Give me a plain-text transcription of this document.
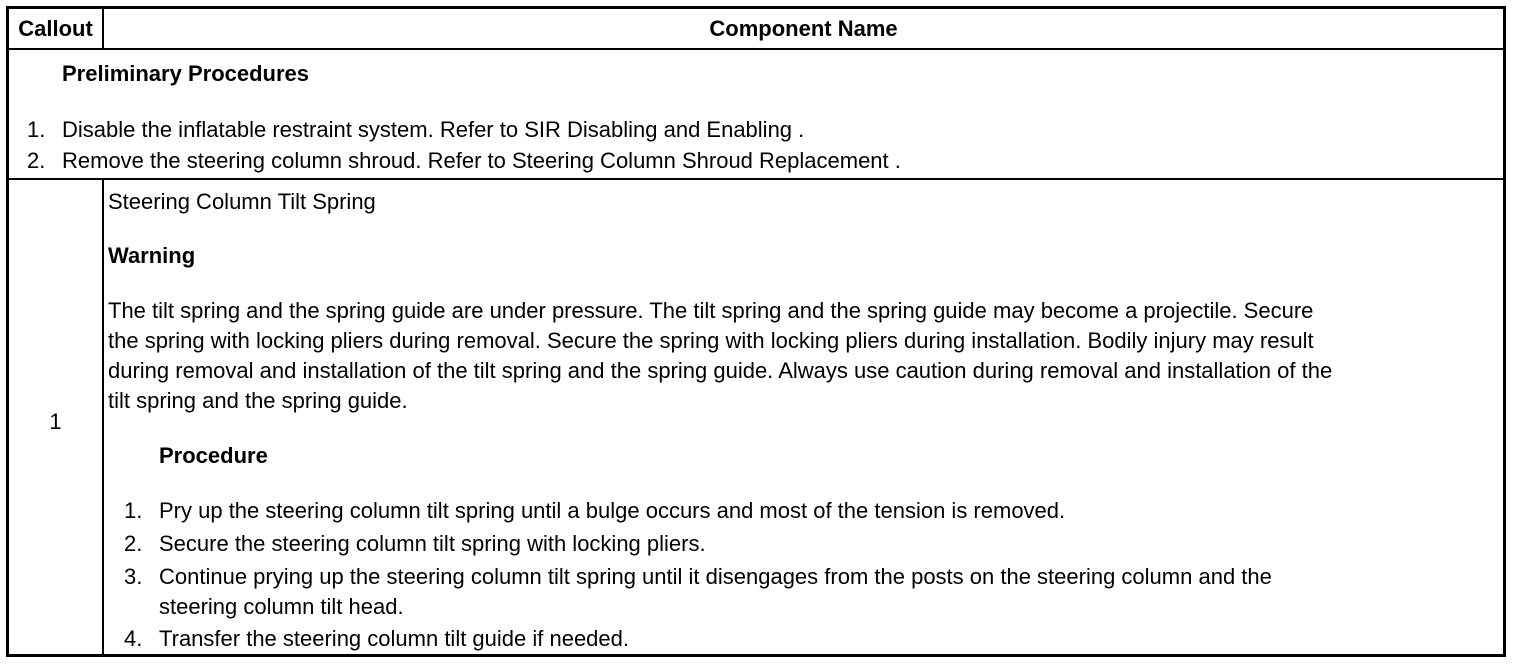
Callout	Component Name
Preliminary Procedures
1. Disable the inflatable restraint system. Refer to SIR Disabling and Enabling .
2. Remove the steering column shroud. Refer to Steering Column Shroud Replacement .
1
Steering Column Tilt Spring
Warning
The tilt spring and the spring guide are under pressure. The tilt spring and the spring guide may become a projectile. Secure
the spring with locking pliers during removal. Secure the spring with locking pliers during installation. Bodily injury may result
during removal and installation of the tilt spring and the spring guide. Always use caution during removal and installation of the
tilt spring and the spring guide.
Procedure
1. Pry up the steering column tilt spring until a bulge occurs and most of the tension is removed.
2. Secure the steering column tilt spring with locking pliers.
3. Continue prying up the steering column tilt spring until it disengages from the posts on the steering column and the
steering column tilt head.
4. Transfer the steering column tilt guide if needed.
